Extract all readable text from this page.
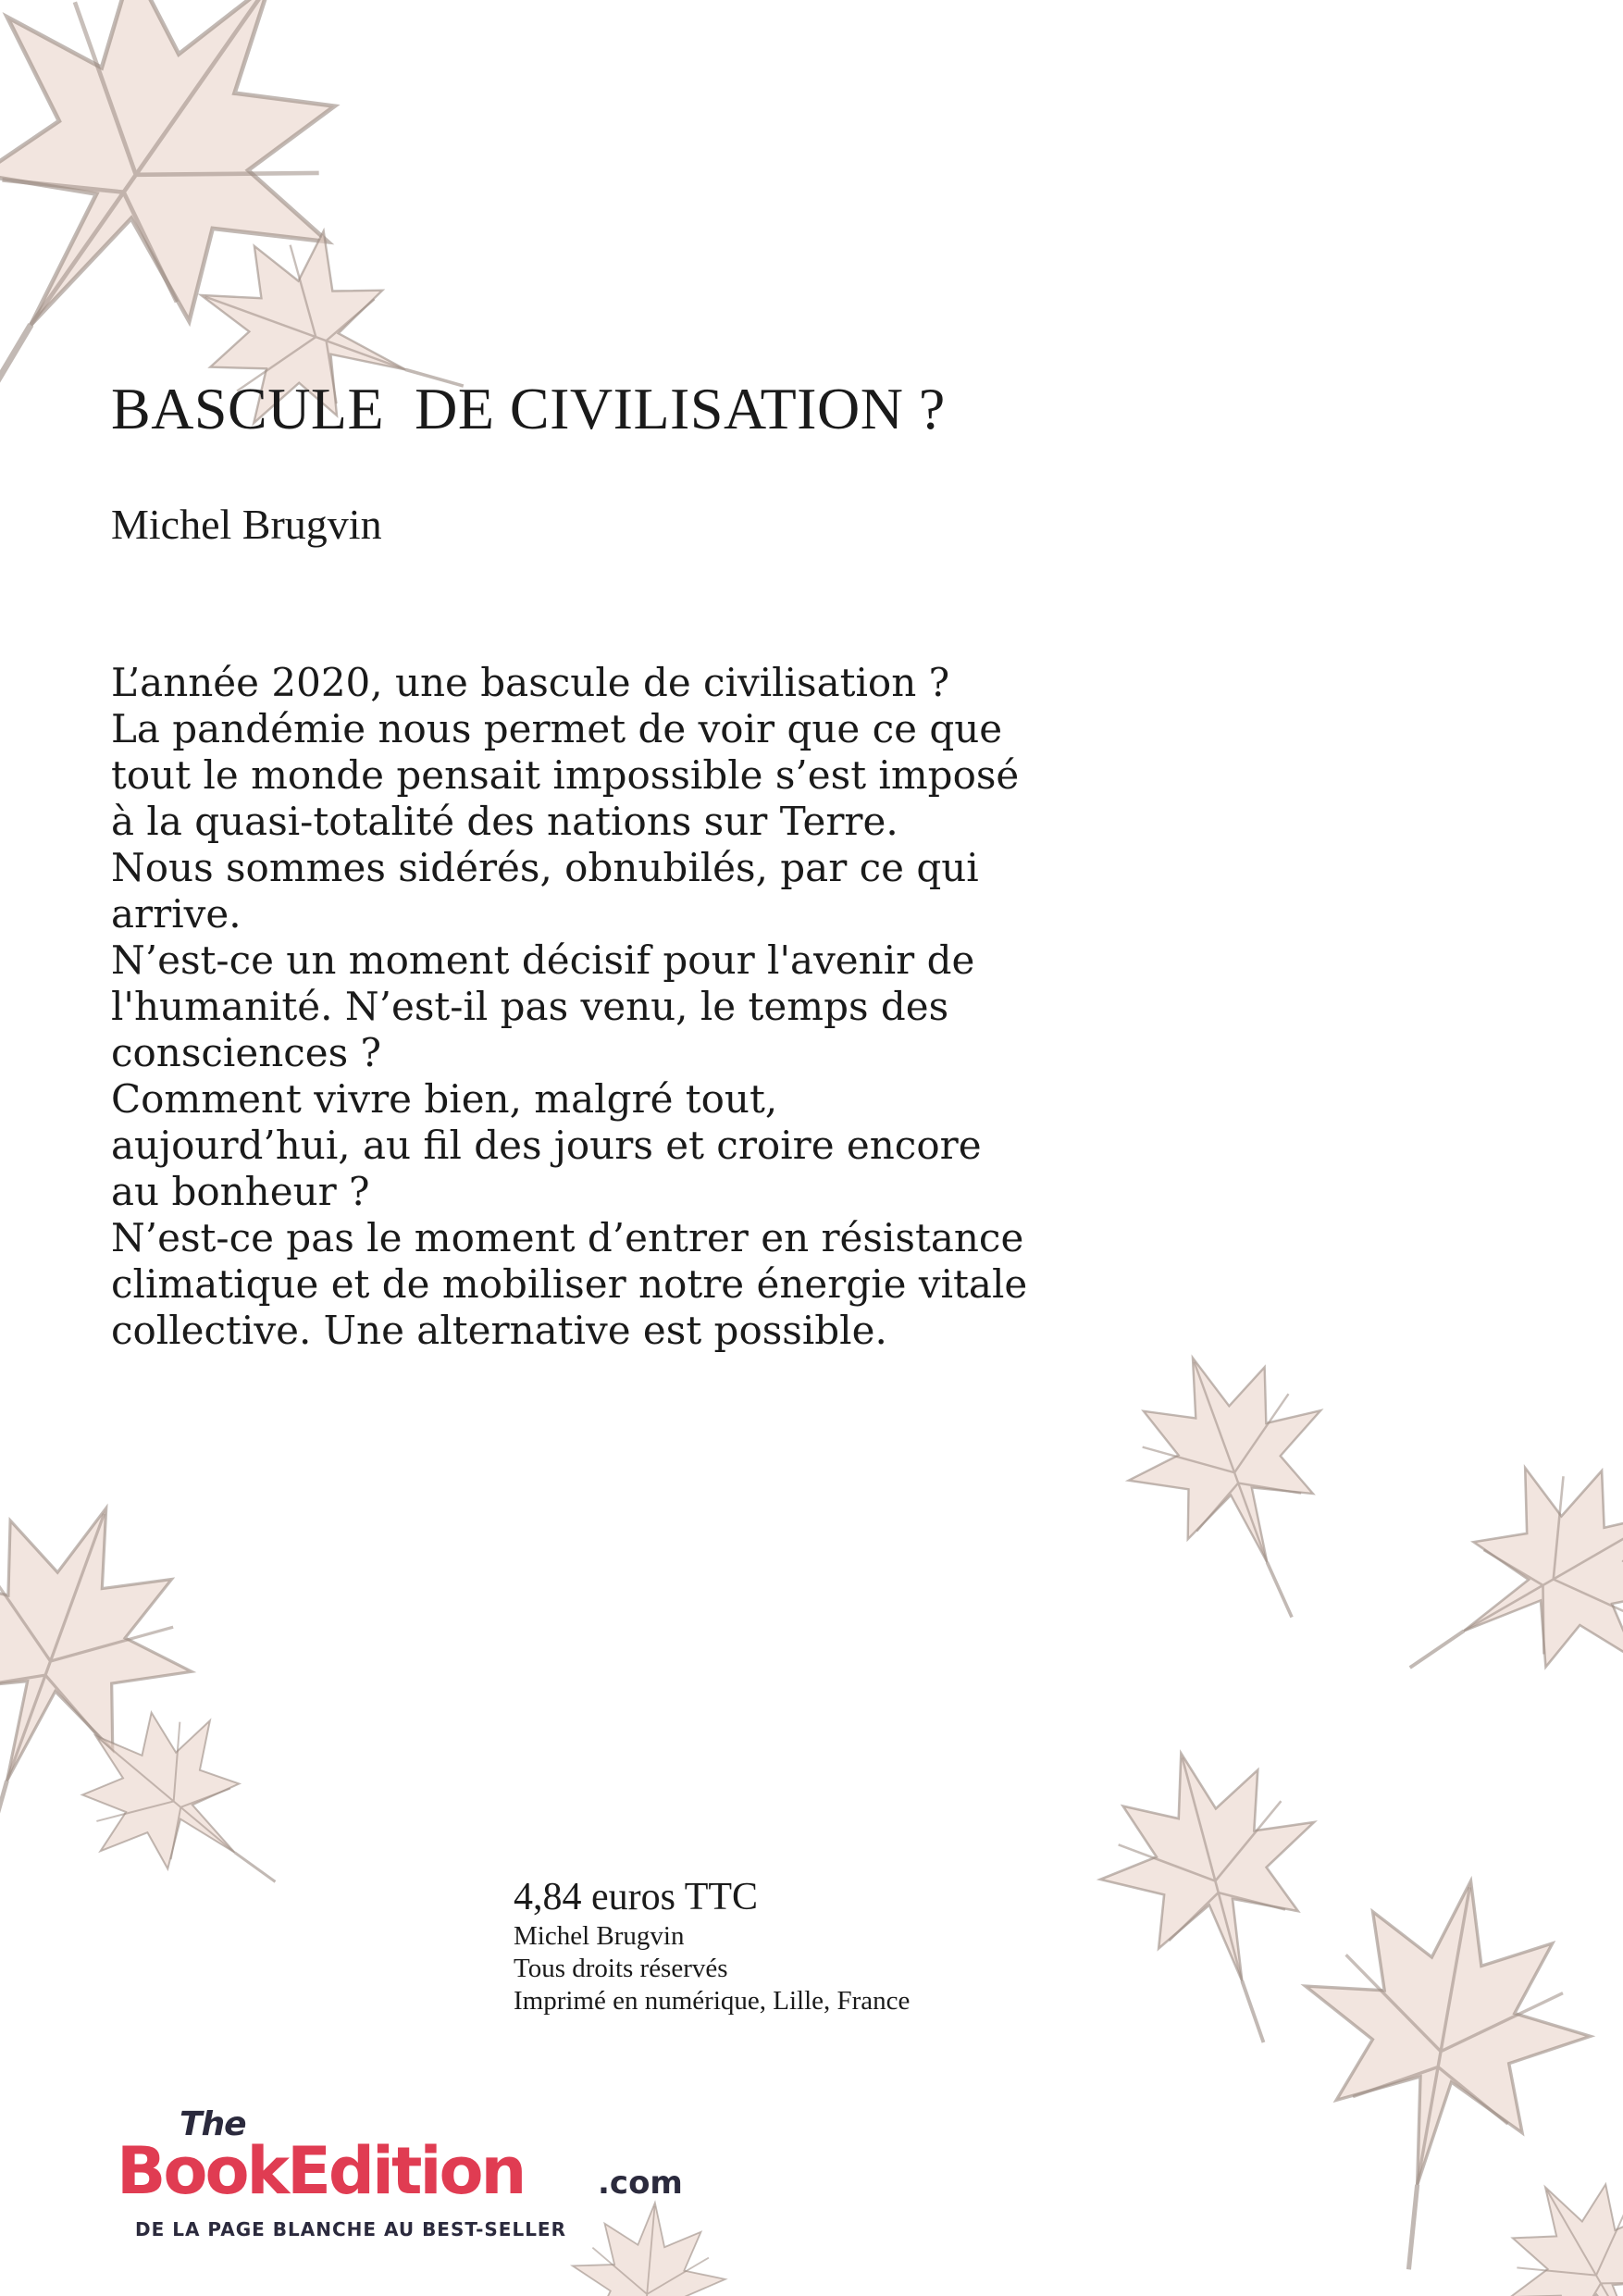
BASCULE  DE CIVILISATION ?
Michel Brugvin
L’année 2020, une bascule de civilisation ?
La pandémie nous permet de voir que ce que
tout le monde pensait impossible s’est imposé
à la quasi-totalité des nations sur Terre.
Nous sommes sidérés, obnubilés, par ce qui
arrive.
N’est-ce un moment décisif pour l'avenir de
l'humanité. N’est-il pas venu, le temps des
consciences ?
Comment vivre bien, malgré tout,
aujourd’hui, au fil des jours et croire encore
au bonheur ?
N’est-ce pas le moment d’entrer en résistance
climatique et de mobiliser notre énergie vitale
collective. Une alternative est possible.
4,84 euros TTC
Michel Brugvin
Tous droits réservés
Imprimé en numérique, Lille, France
The
BookEdition .com
DE LA PAGE BLANCHE AU BEST-SELLER
